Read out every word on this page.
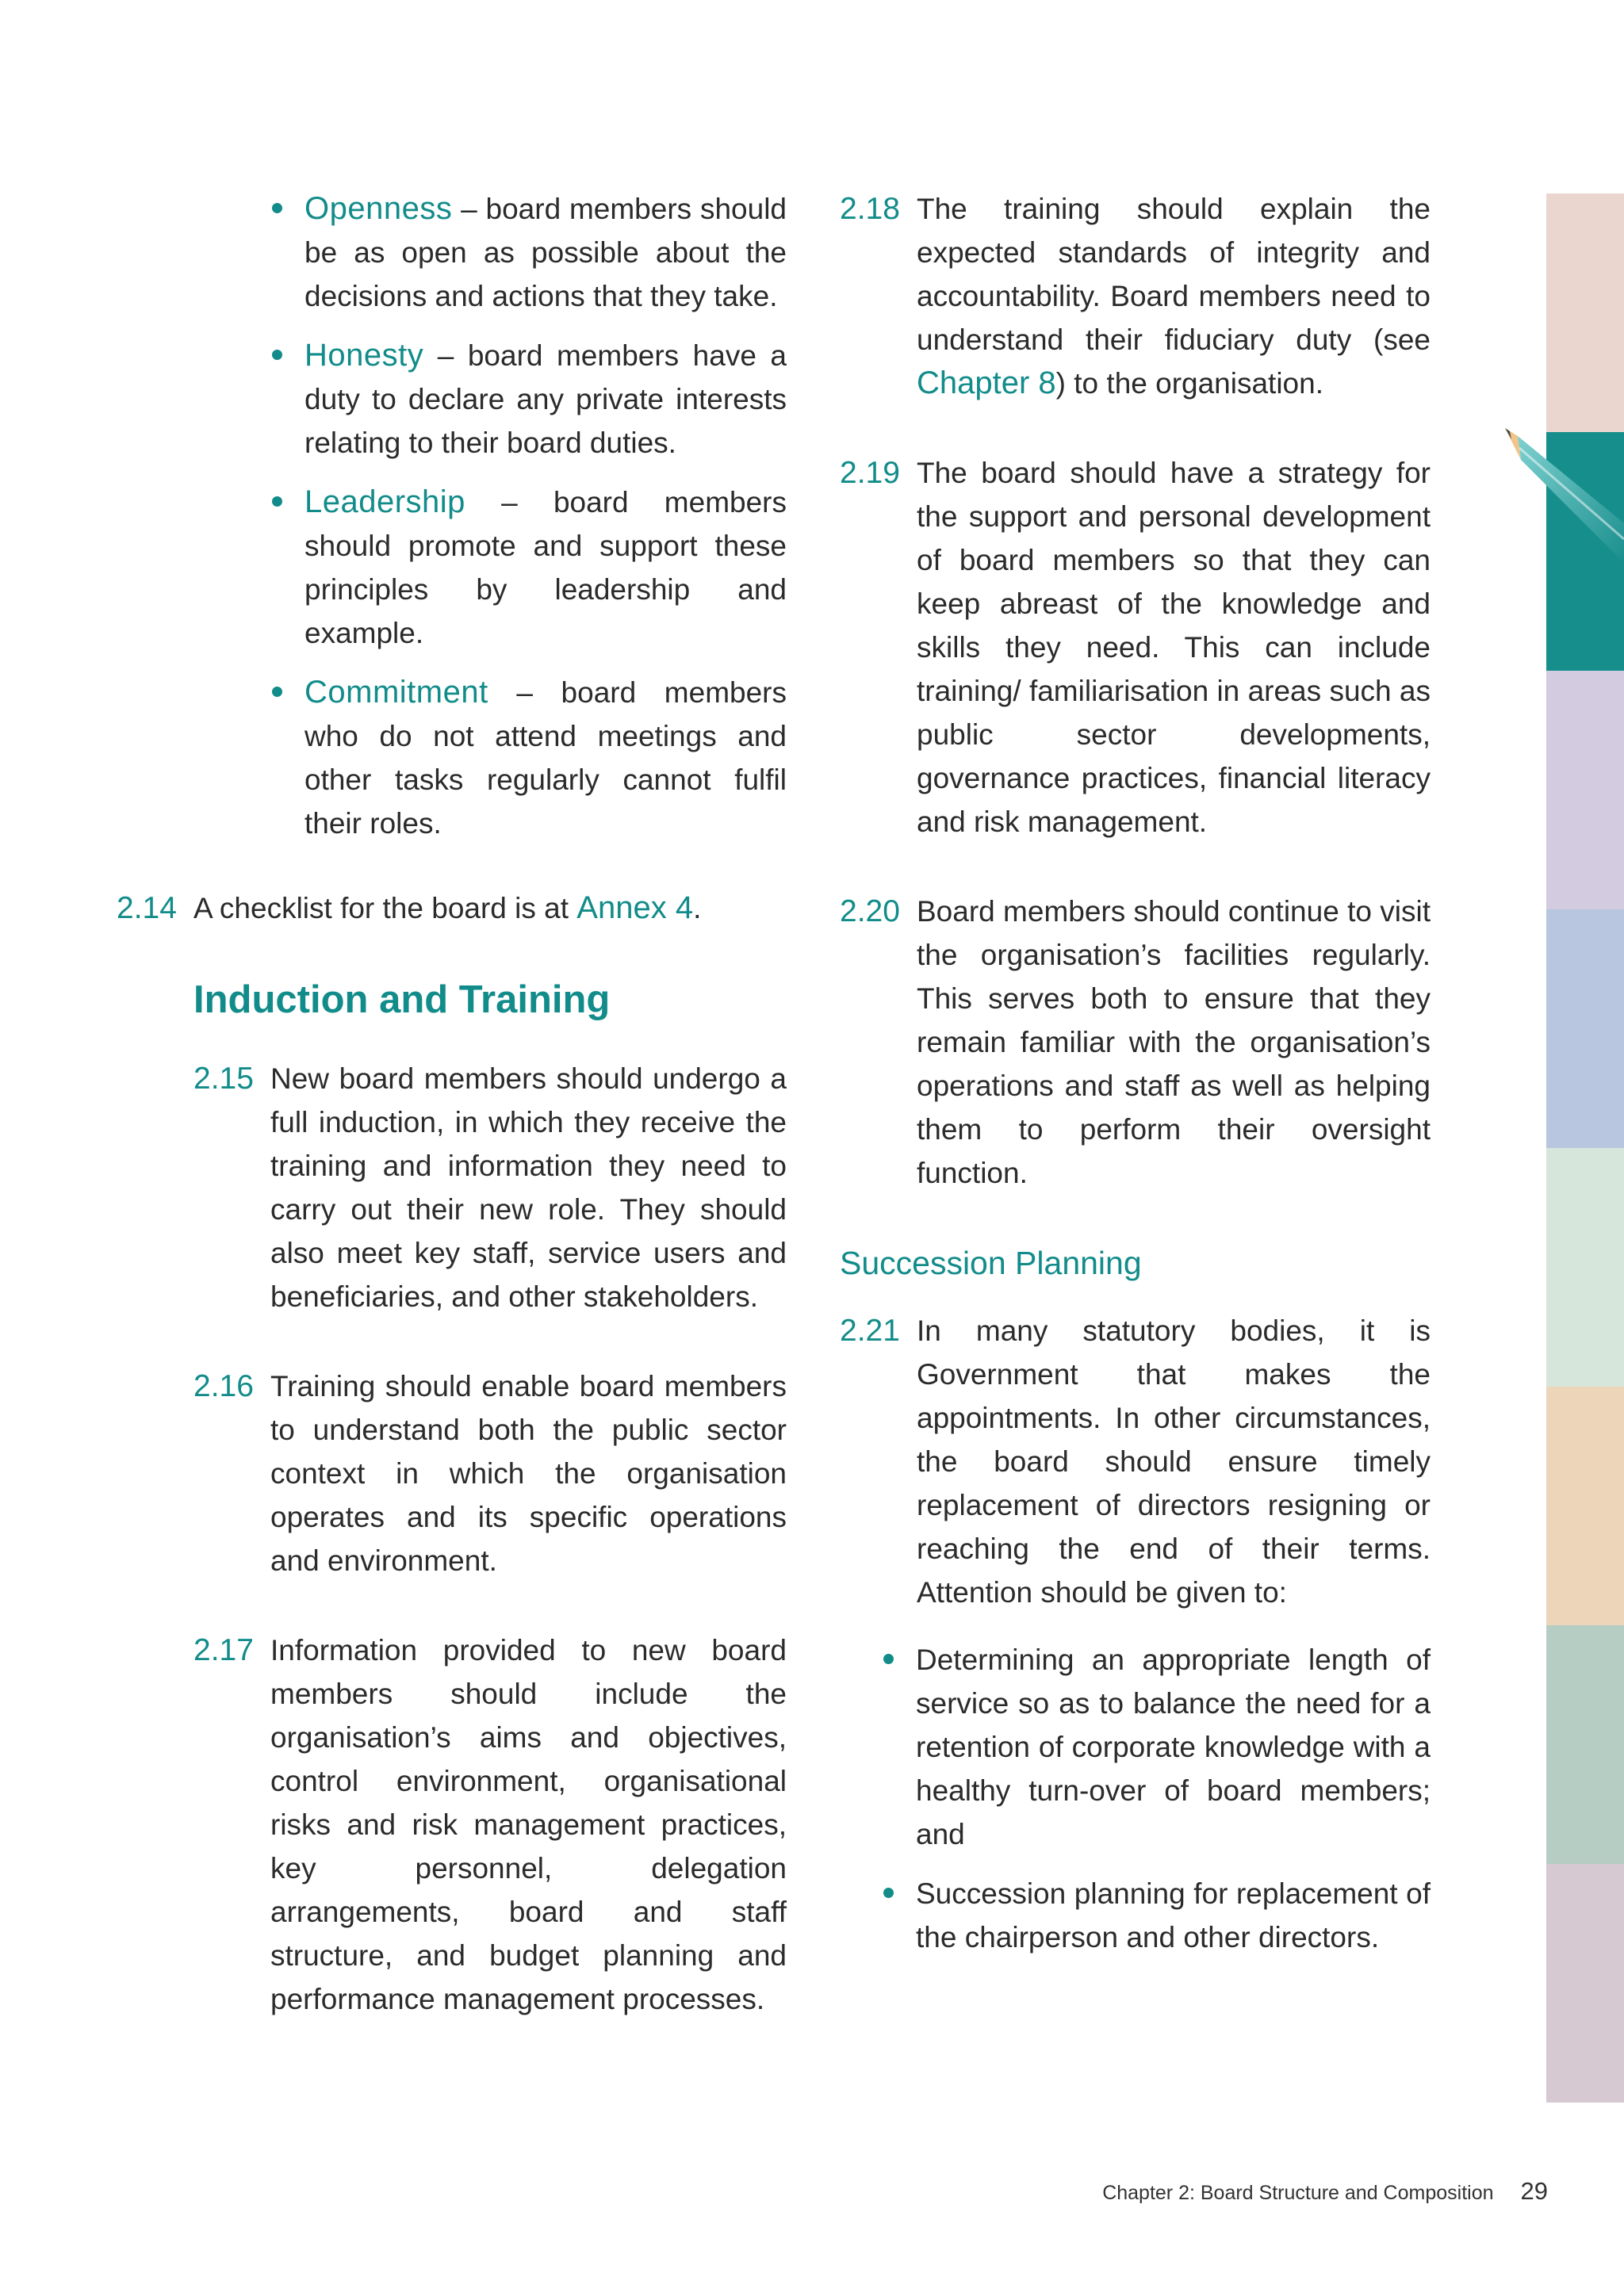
Openness – board members should be as open as possible about the decisions and actions that they take.
Honesty – board members have a duty to declare any private interests relating to their board duties.
Leadership – board members should promote and support these principles by leadership and example.
Commitment – board members who do not attend meetings and other tasks regularly cannot fulfil their roles.
2.14 A checklist for the board is at Annex 4.
Induction and Training
2.15 New board members should undergo a full induction, in which they receive the training and information they need to carry out their new role. They should also meet key staff, service users and beneficiaries, and other stakeholders.
2.16 Training should enable board members to understand both the public sector context in which the organisation operates and its specific operations and environment.
2.17 Information provided to new board members should include the organisation’s aims and objectives, control environment, organisational risks and risk management practices, key personnel, delegation arrangements, board and staff structure, and budget planning and performance management processes.
2.18 The training should explain the expected standards of integrity and accountability. Board members need to understand their fiduciary duty (see Chapter 8) to the organisation.
2.19 The board should have a strategy for the support and personal development of board members so that they can keep abreast of the knowledge and skills they need. This can include training/ familiarisation in areas such as public sector developments, governance practices, financial literacy and risk management.
2.20 Board members should continue to visit the organisation’s facilities regularly. This serves both to ensure that they remain familiar with the organisation’s operations and staff as well as helping them to perform their oversight function.
Succession Planning
2.21 In many statutory bodies, it is Government that makes the appointments. In other circumstances, the board should ensure timely replacement of directors resigning or reaching the end of their terms. Attention should be given to:
Determining an appropriate length of service so as to balance the need for a retention of corporate knowledge with a healthy turn-over of board members; and
Succession planning for replacement of the chairperson and other directors.
Chapter 2: Board Structure and Composition 29
